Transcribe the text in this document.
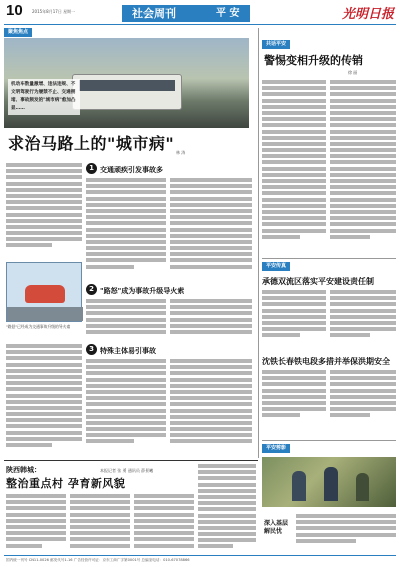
10 2015年8月17日 星期一	社会周刊	平 安	光明日报
聚焦焦点
机动车数量激增、违法违规、不文明驾驶行为屡禁不止、交通拥堵、事故频发的"城市病"愈加凸显……
求治马路上的"城市病" 林 涛
"路怒"已经成为交通事故升级的导火索
1 交通顽疾引发事故多
2 "路怒"成为事故升级导火索
3 特殊主体易引事故
共话平安
警惕变相升级的传销
徐 丽
平安传真
承德双流区落实平安建设责任制
沈铁长春铁电段多措并举保洪期安全
平安剪影
深入基层解民忧
陕西韩城：	本报记者 张 勇 通讯员 薛景曦
整治重点村 孕育新风貌
国内统一刊号 CN11-0026 邮发代号1-16 广告经营许可证：京东工商广字第0001号 总编室电话：010-67078866
